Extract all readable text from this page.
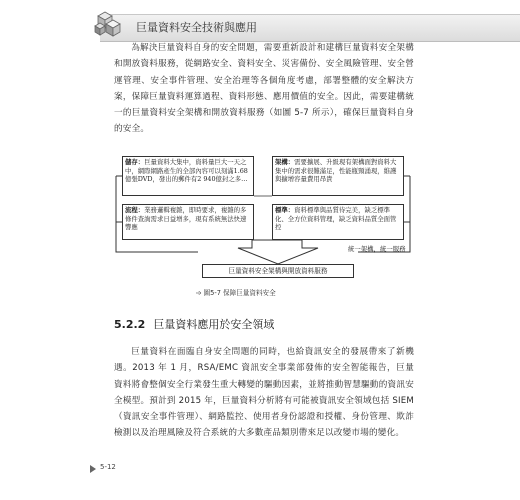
巨量資料安全技術與應用

為解決巨量資料自身的安全問題，需要重新設計和建構巨量資料安全架構和開放資料服務，從網路安全、資料安全、災害備份、安全風險管理、安全營運管理、安全事件管理、安全治理等各個角度考慮，部署整體的安全解決方案，保障巨量資料運算過程、資料形態、應用價值的安全。因此，需要建構統一的巨量資料安全架構和開放資料服務（如圖 5-7 所示），確保巨量資料自身的安全。

儲存：巨量資料大集中，資料量巨大一天之中，網際網路產生的全部內容可以刻滿1.68億張DVD，發出的郵件有2 940億封之多…
架構：需要擴展、升級現有架構面對資料大集中的需求很難滿足，性能瓶頸涌現，維護與擴增容量費用昂貴
流程：業務邏輯複雜，即時要求，複雜的多條件查詢需求日益增多，現有系統無法快速響應
標準：資料標準與品質待完美，缺乏標準化、全方位資料管理，缺乏資料品質全面管控
統一架構，統一服務
巨量資料安全架構與開放資料服務
➩ 圖5-7 保障巨量資料安全
5.2.2 巨量資料應用於安全領域

巨量資料在面臨自身安全問題的同時，也給資訊安全的發展帶來了新機遇。2013 年 1 月，RSA/EMC 資訊安全事業部發佈的安全智能報告，巨量資料將會整個安全行業發生重大轉變的驅動因素，並將推動智慧驅動的資訊安全模型。預計到 2015 年，巨量資料分析將有可能被資訊安全領域包括 SIEM（資訊安全事件管理）、網路監控、使用者身份認證和授權、身份管理、欺詐檢測以及治理風險及符合系統的大多數產品類別帶來足以改變市場的變化。

5-12
